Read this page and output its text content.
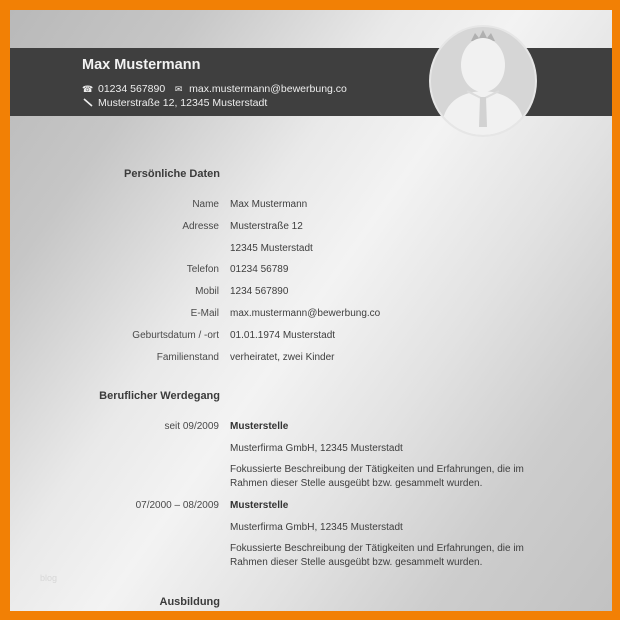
Max Mustermann
☎ 01234 567890 ✉ max.mustermann@bewerbung.co
Musterstraße 12, 12345 Musterstadt
Persönliche Daten
Name Max Mustermann
Adresse Musterstraße 12
12345 Musterstadt
Telefon 01234 56789
Mobil 1234 567890
E-Mail max.mustermann@bewerbung.co
Geburtsdatum / -ort 01.01.1974 Musterstadt
Familienstand verheiratet, zwei Kinder
Beruflicher Werdegang
seit 09/2009 Musterstelle
Musterfirma GmbH, 12345 Musterstadt
Fokussierte Beschreibung der Tätigkeiten und Erfahrungen, die im Rahmen dieser Stelle ausgeübt bzw. gesammelt wurden.
07/2000 – 08/2009 Musterstelle
Musterfirma GmbH, 12345 Musterstadt
Fokussierte Beschreibung der Tätigkeiten und Erfahrungen, die im Rahmen dieser Stelle ausgeübt bzw. gesammelt wurden.
blog
Ausbildung
